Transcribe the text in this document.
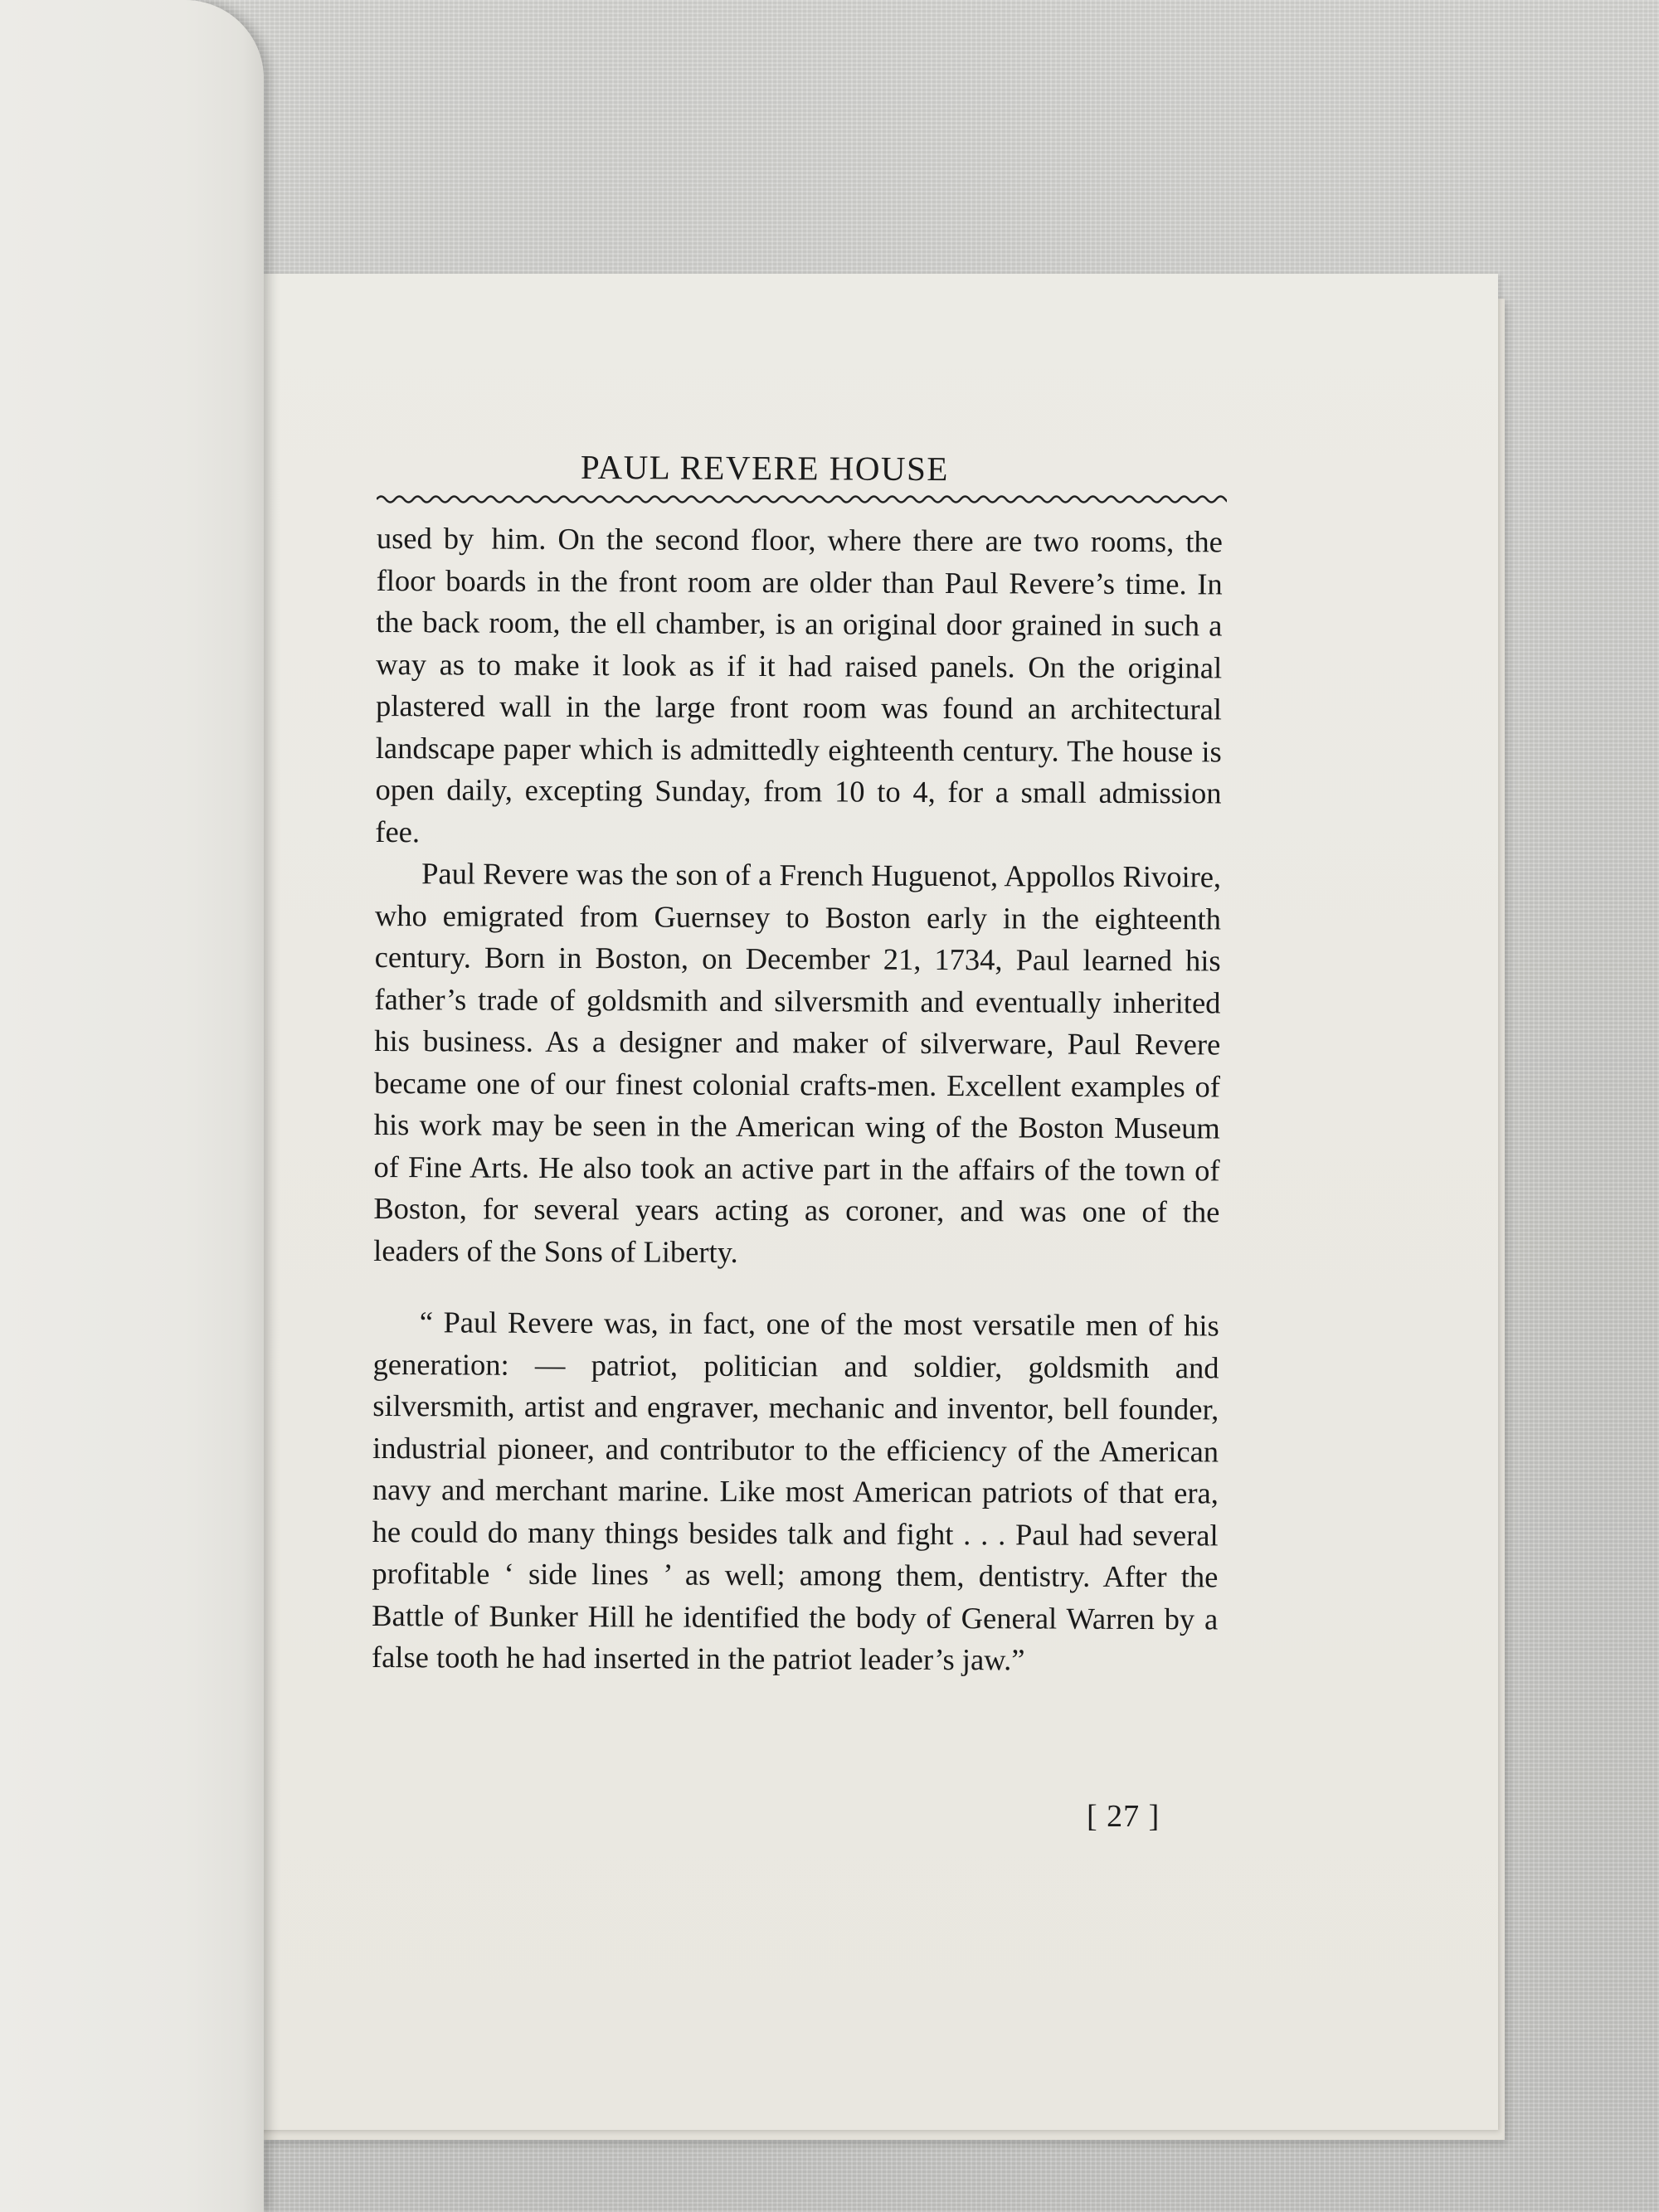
PAUL REVERE HOUSE

used by  him. On the second floor, where there are two rooms, the floor boards in the front room are older than Paul Revere’s time. In the back room, the ell chamber, is an original door grained in such a way as to make it look as if it had raised panels. On the original plastered wall in the large front room was found an architectural landscape paper which is admittedly eighteenth century. The house is open daily, excepting Sunday, from 10 to 4, for a small admission fee.

Paul Revere was the son of a French Huguenot, Appollos Rivoire, who emigrated from Guernsey to Boston early in the eighteenth century. Born in Boston, on December 21, 1734, Paul learned his father’s trade of goldsmith and silversmith and eventually inherited his business. As a designer and maker of silverware, Paul Revere became one of our finest colonial crafts-men. Excellent examples of his work may be seen in the American wing of the Boston Museum of Fine Arts. He also took an active part in the affairs of the town of Boston, for several years acting as coroner, and was one of the leaders of the Sons of Liberty.

“ Paul Revere was, in fact, one of the most versatile men of his generation: — patriot, politician and soldier, goldsmith and silversmith, artist and engraver, mechanic and inventor, bell founder, industrial pioneer, and contributor to the efficiency of the American navy and merchant marine. Like most American patriots of that era, he could do many things besides talk and fight . . . Paul had several profitable ‘ side lines ’ as well; among them, dentistry. After the Battle of Bunker Hill he identified the body of General Warren by a false tooth he had inserted in the patriot leader’s jaw.”

[ 27 ]
